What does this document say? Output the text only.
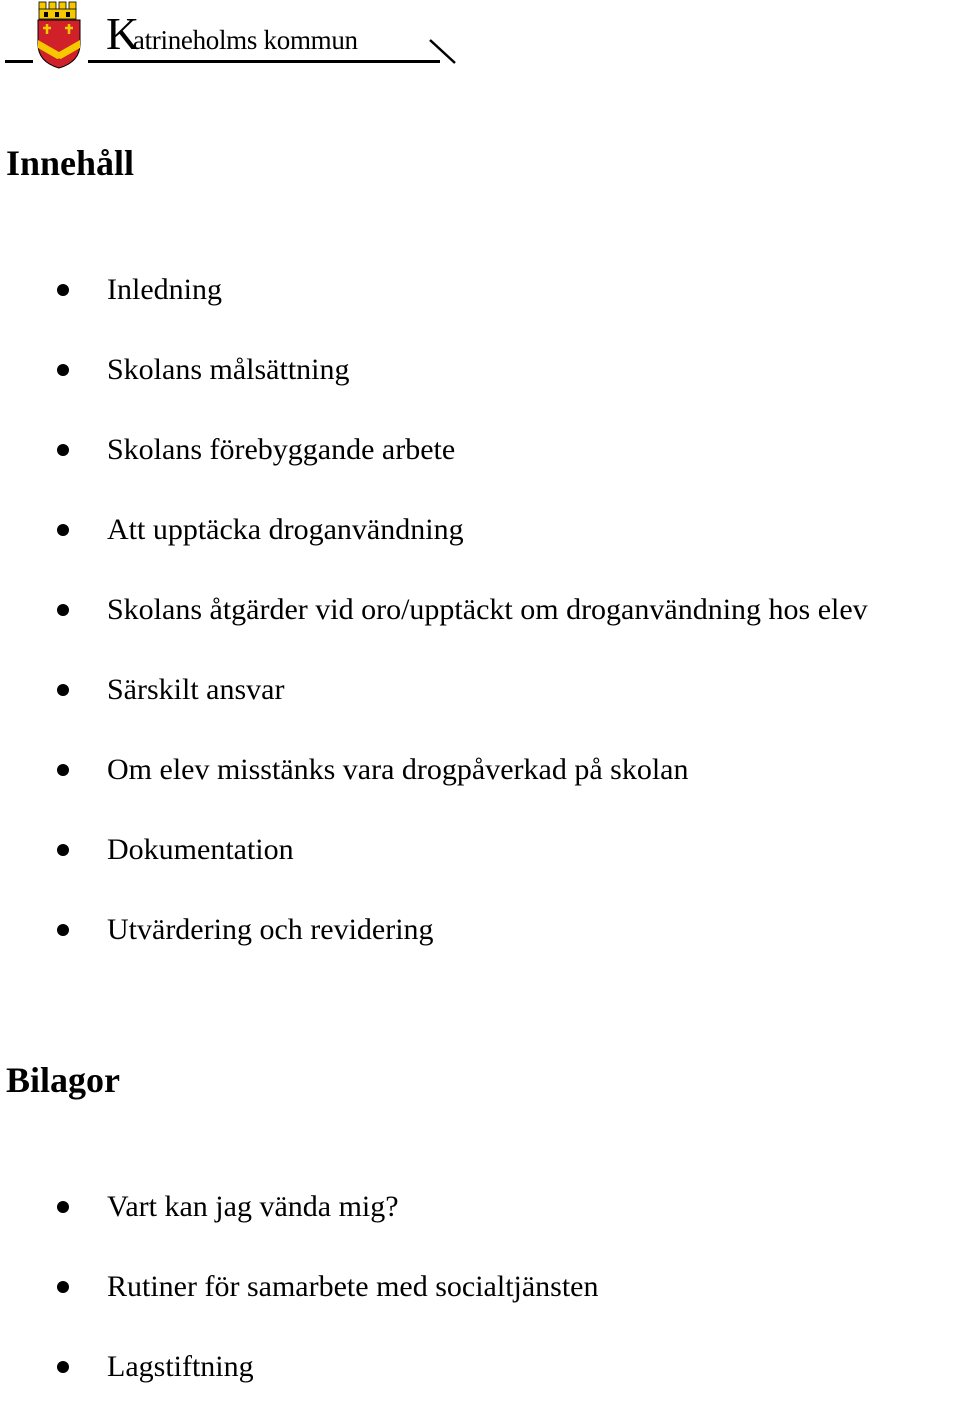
Katrineholms kommun
Innehåll
Inledning
Skolans målsättning
Skolans förebyggande arbete
Att upptäcka droganvändning
Skolans åtgärder vid oro/upptäckt om droganvändning hos elev
Särskilt ansvar
Om elev misstänks vara drogpåverkad på skolan
Dokumentation
Utvärdering och revidering
Bilagor
Vart kan jag vända mig?
Rutiner för samarbete med socialtjänsten
Lagstiftning
